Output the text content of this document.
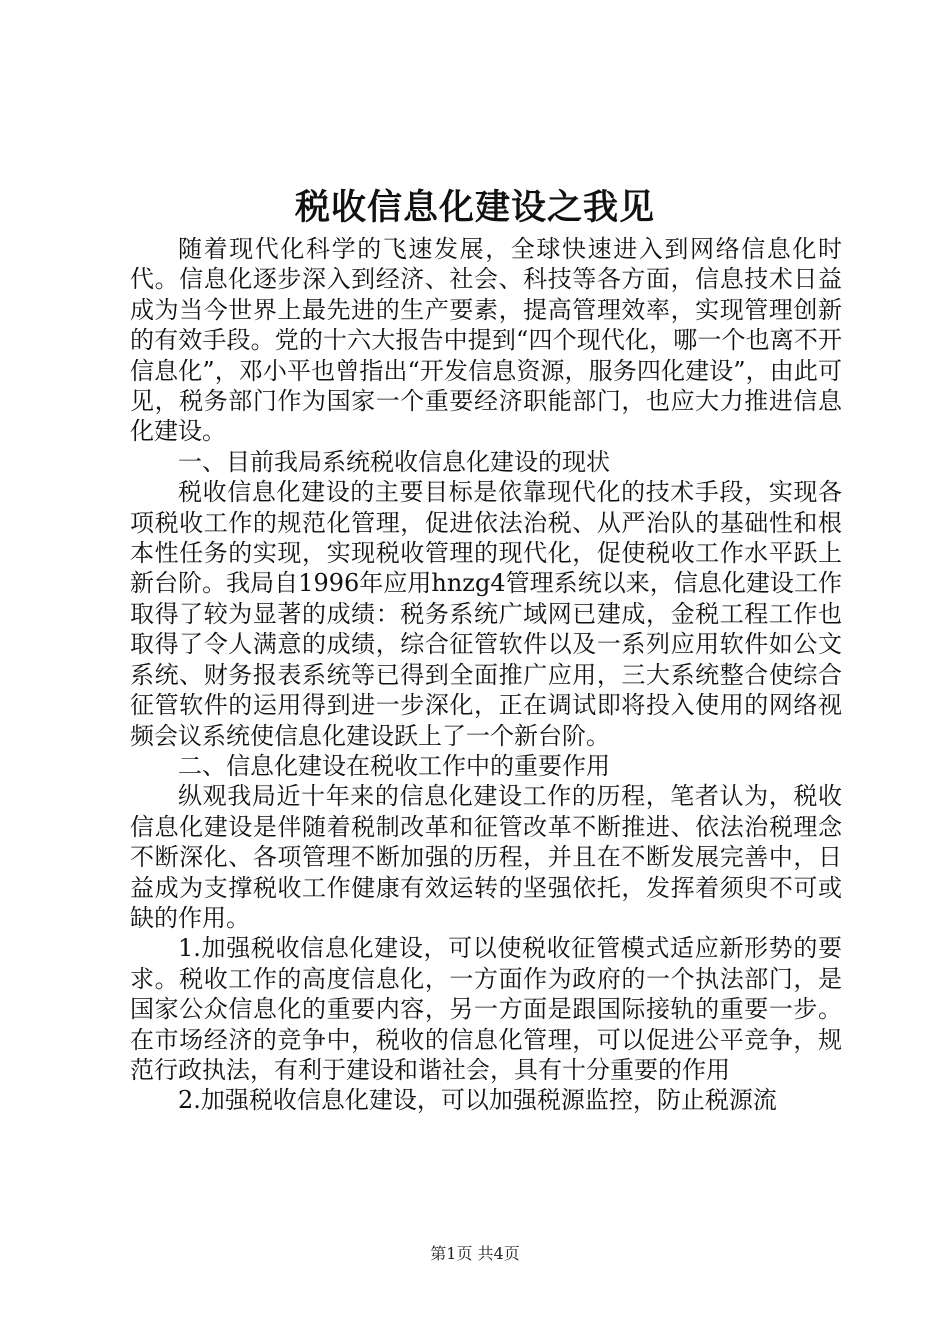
税收信息化建设之我见

随着现代化科学的飞速发展，全球快速进入到网络信息化时代。信息化逐步深入到经济、社会、科技等各方面，信息技术日益成为当今世界上最先进的生产要素，提高管理效率，实现管理创新的有效手段。党的十六大报告中提到“四个现代化，哪一个也离不开信息化”，邓小平也曾指出“开发信息资源，服务四化建设”，由此可见，税务部门作为国家一个重要经济职能部门，也应大力推进信息化建设。

一、目前我局系统税收信息化建设的现状

税收信息化建设的主要目标是依靠现代化的技术手段，实现各项税收工作的规范化管理，促进依法治税、从严治队的基础性和根本性任务的实现，实现税收管理的现代化，促使税收工作水平跃上新台阶。我局自1996年应用hnzg4管理系统以来，信息化建设工作取得了较为显著的成绩：税务系统广域网已建成，金税工程工作也取得了令人满意的成绩，综合征管软件以及一系列应用软件如公文系统、财务报表系统等已得到全面推广应用，三大系统整合使综合征管软件的运用得到进一步深化，正在调试即将投入使用的网络视频会议系统使信息化建设跃上了一个新台阶。

二、信息化建设在税收工作中的重要作用

纵观我局近十年来的信息化建设工作的历程，笔者认为，税收信息化建设是伴随着税制改革和征管改革不断推进、依法治税理念不断深化、各项管理不断加强的历程，并且在不断发展完善中，日益成为支撑税收工作健康有效运转的坚强依托，发挥着须臾不可或缺的作用。

1.加强税收信息化建设，可以使税收征管模式适应新形势的要求。税收工作的高度信息化，一方面作为政府的一个执法部门，是国家公众信息化的重要内容，另一方面是跟国际接轨的重要一步。在市场经济的竞争中，税收的信息化管理，可以促进公平竞争，规范行政执法，有利于建设和谐社会，具有十分重要的作用

2.加强税收信息化建设，可以加强税源监控，防止税源流

第1页 共4页
